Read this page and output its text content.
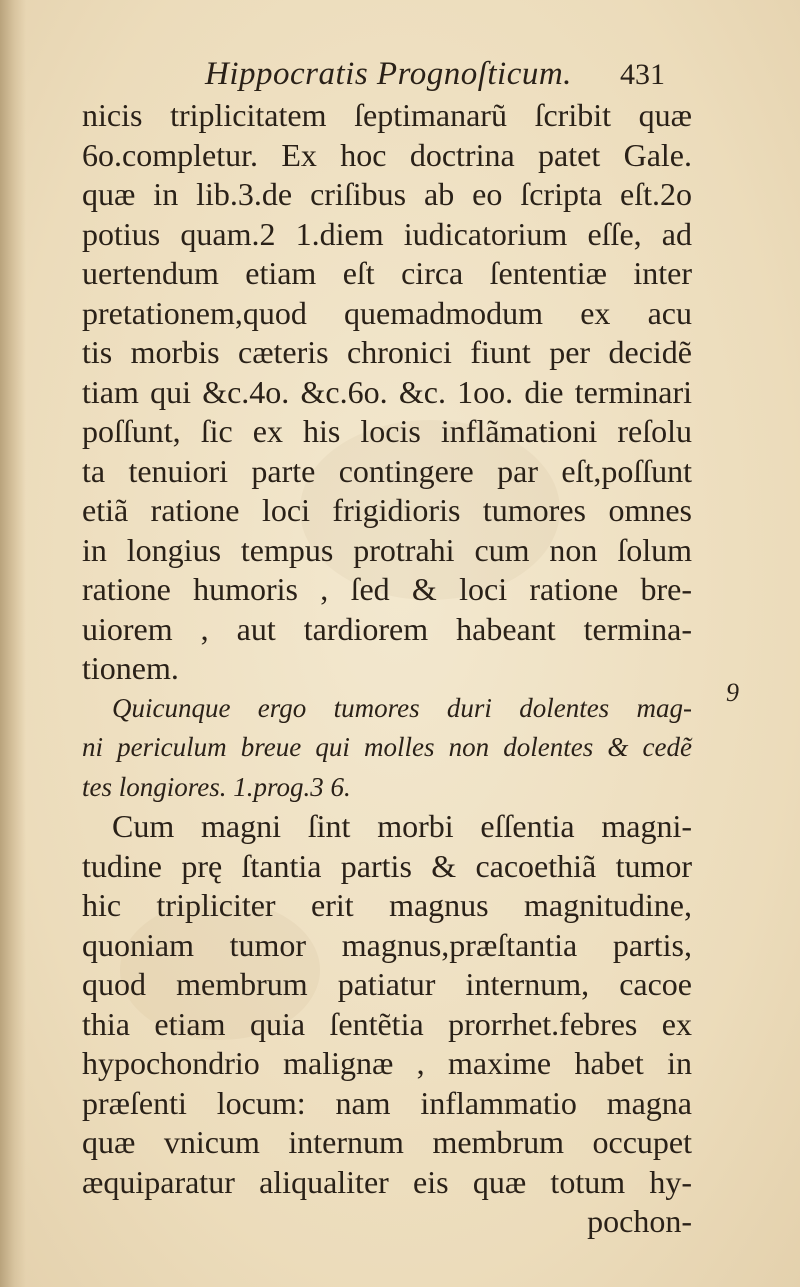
Hippocratis Prognoſticum. 431
nicis triplicitatem ſeptimanarũ ſcribit quæ
6o.completur. Ex hoc doctrina patet Gale.
quæ in lib.3.de criſibus ab eo ſcripta eſt.2o
potius quam.2 1.diem iudicatorium eſſe, ad
uertendum etiam eſt circa ſententiæ inter
pretationem,quod quemadmodum ex acu
tis morbis cæteris chronici fiunt per decidẽ
tiam qui &c.4o. &c.6o. &c. 1oo. die terminari
poſſunt, ſic ex his locis inflãmationi reſolu
ta tenuiori parte contingere par eſt,poſſunt
etiã ratione loci frigidioris tumores omnes
in longius tempus protrahi cum non ſolum
ratione humoris , ſed & loci ratione bre-
uiorem , aut tardiorem habeant termina-
tionem.
Quicunque ergo tumores duri dolentes mag-
ni periculum breue qui molles non dolentes & cedẽ
tes longiores. 1.prog.3 6.
Cum magni ſint morbi eſſentia magni-
tudine prę ſtantia partis & cacoethiã tumor
hic tripliciter erit magnus magnitudine,
quoniam tumor magnus,præſtantia partis,
quod membrum patiatur internum, cacoe
thia etiam quia ſentẽtia prorrhet.febres ex
hypochondrio malignæ , maxime habet in
præſenti locum: nam inflammatio magna
quæ vnicum internum membrum occupet
æquiparatur aliqualiter eis quæ totum hy-
pochon-
9
